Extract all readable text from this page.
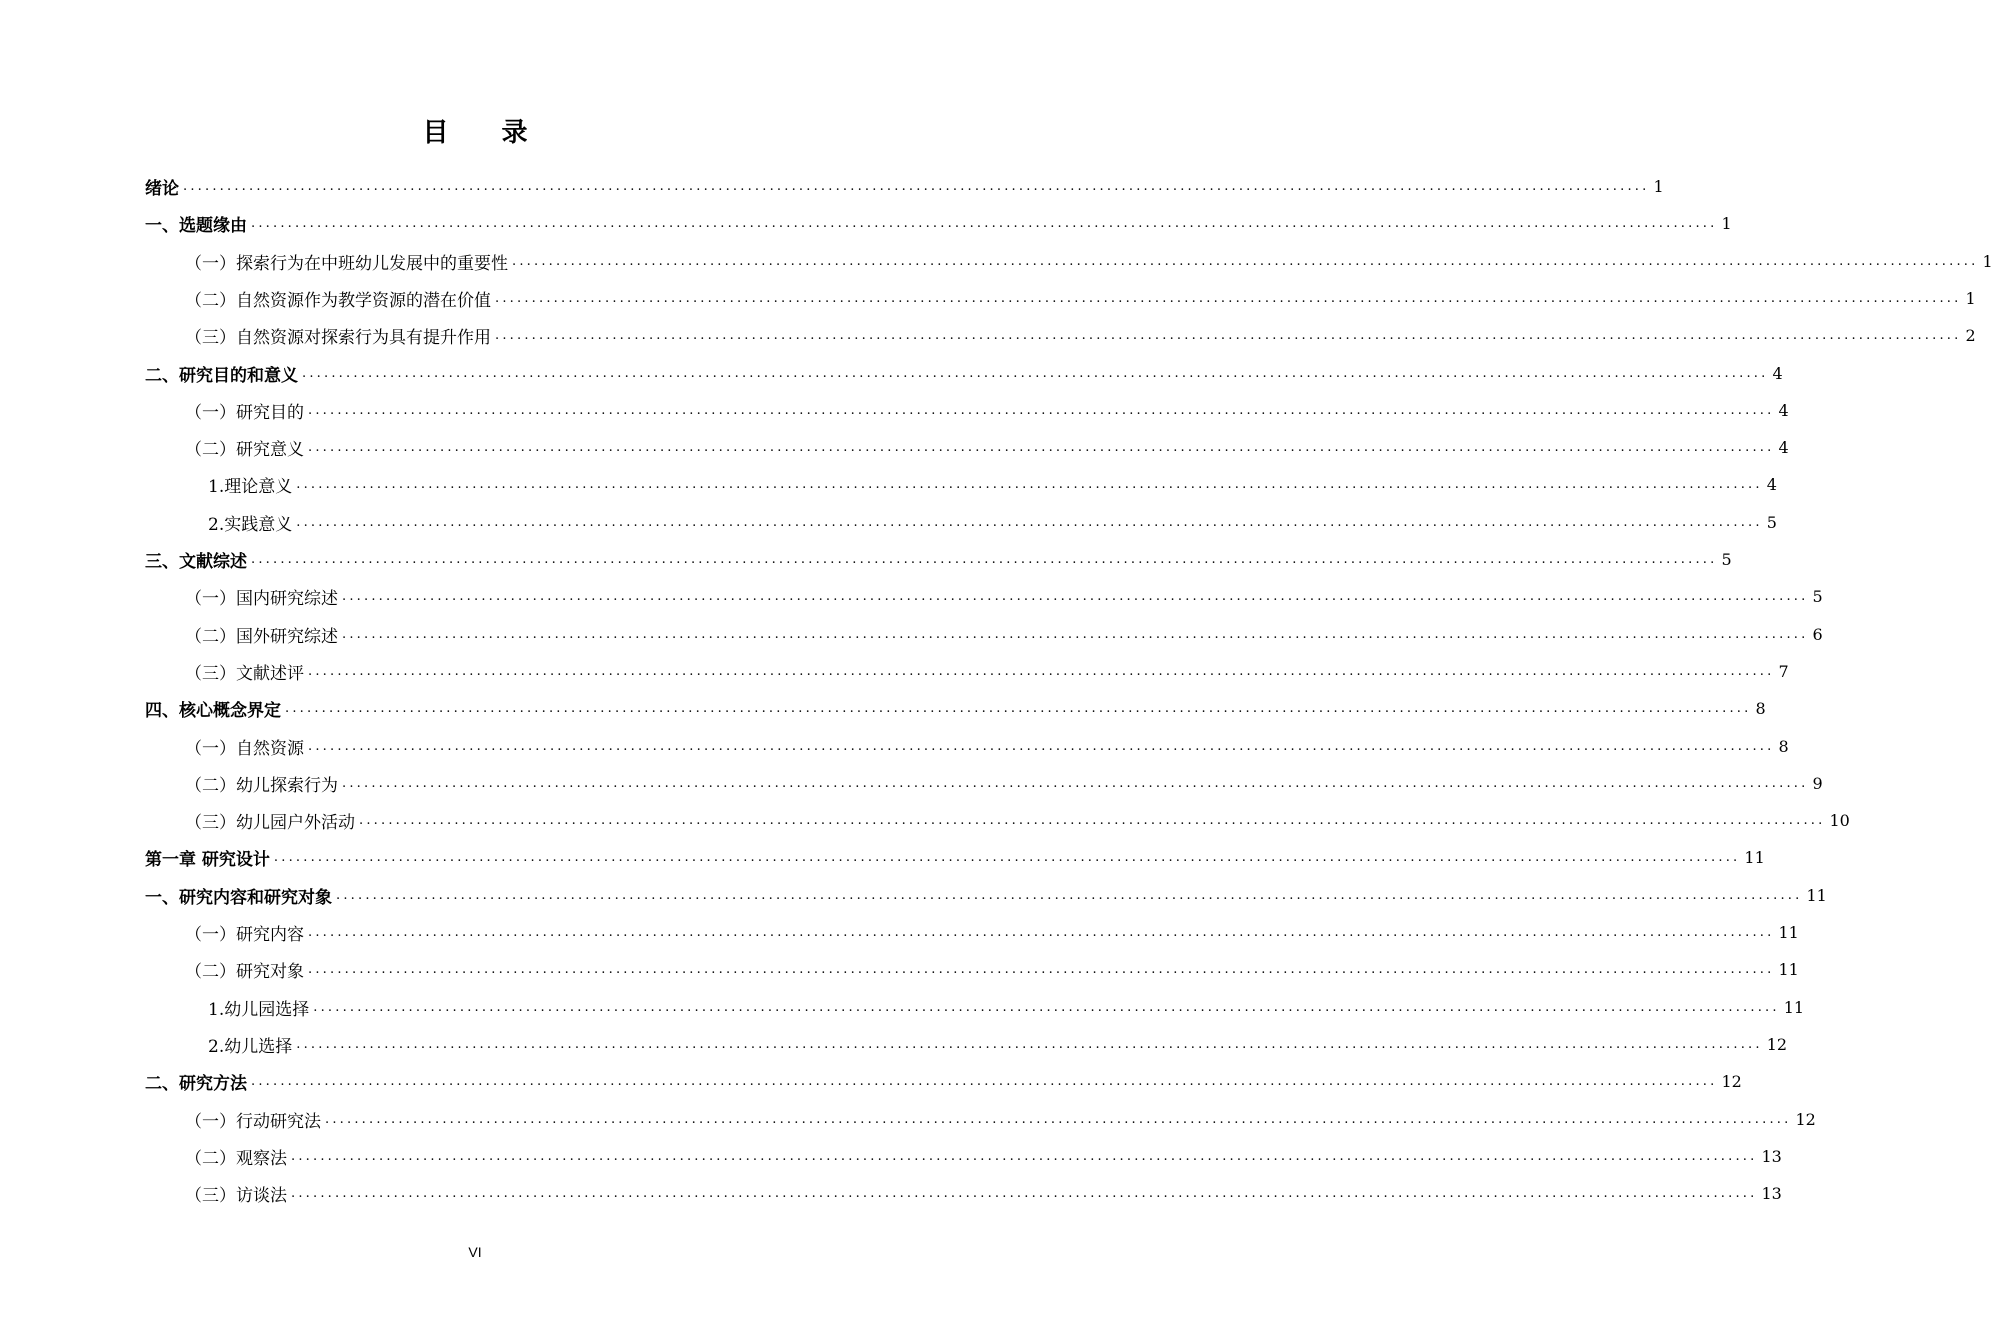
目 录
绪论 ........................................................................................................................................................................................................ 1
一、选题缘由 ........................................................................................................................................................................................................ 1
（一）探索行为在中班幼儿发展中的重要性 ........................................................................................................................................................................................................ 1
（二）自然资源作为教学资源的潜在价值 ........................................................................................................................................................................................................ 1
（三）自然资源对探索行为具有提升作用 ........................................................................................................................................................................................................ 2
二、研究目的和意义 ........................................................................................................................................................................................................ 4
（一）研究目的 ........................................................................................................................................................................................................ 4
（二）研究意义 ........................................................................................................................................................................................................ 4
1.理论意义 ........................................................................................................................................................................................................ 4
2.实践意义 ........................................................................................................................................................................................................ 5
三、文献综述 ........................................................................................................................................................................................................ 5
（一）国内研究综述 ........................................................................................................................................................................................................ 5
（二）国外研究综述 ........................................................................................................................................................................................................ 6
（三）文献述评 ........................................................................................................................................................................................................ 7
四、核心概念界定 ........................................................................................................................................................................................................ 8
（一）自然资源 ........................................................................................................................................................................................................ 8
（二）幼儿探索行为 ........................................................................................................................................................................................................ 9
（三）幼儿园户外活动 ........................................................................................................................................................................................................ 10
第一章 研究设计 ........................................................................................................................................................................................................ 11
一、研究内容和研究对象 ........................................................................................................................................................................................................ 11
（一）研究内容 ........................................................................................................................................................................................................ 11
（二）研究对象 ........................................................................................................................................................................................................ 11
1.幼儿园选择 ........................................................................................................................................................................................................ 11
2.幼儿选择 ........................................................................................................................................................................................................ 12
二、研究方法 ........................................................................................................................................................................................................ 12
（一）行动研究法 ........................................................................................................................................................................................................ 12
（二）观察法 ........................................................................................................................................................................................................ 13
（三）访谈法 ........................................................................................................................................................................................................ 13
VI
